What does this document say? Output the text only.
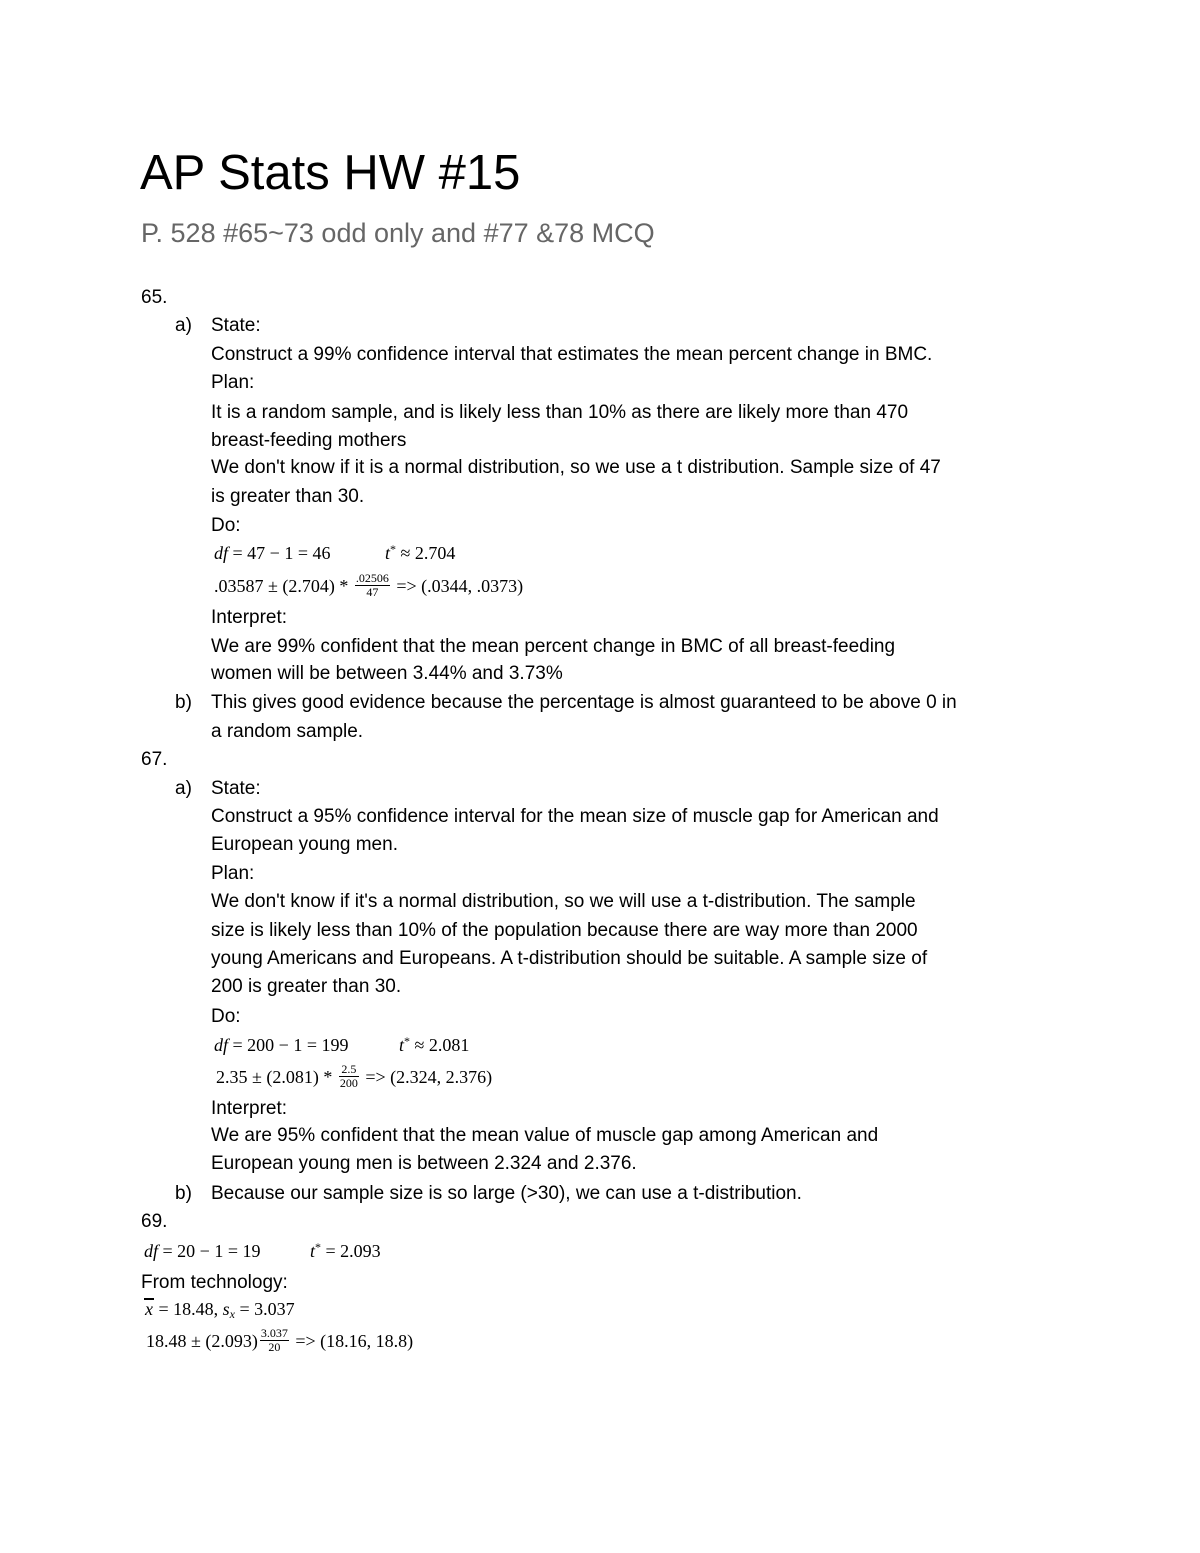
AP Stats HW #15
P. 528 #65~73 odd only and #77 &78 MCQ
65.
a) State:
Construct a 99% confidence interval that estimates the mean percent change in BMC.
Plan:
It is a random sample, and is likely less than 10% as there are likely more than 470
breast-feeding mothers
We don't know if it is a normal distribution, so we use a t distribution. Sample size of 47
is greater than 30.
Do:
df = 47 − 1 = 46	t* ≈ 2.704
$.03587 \pm (2.704) * \frac{.02506}{47} => (.0344$, .0373)
Interpret:
We are 99% confident that the mean percent change in BMC of all breast-feeding
women will be between 3.44% and 3.73%
b) This gives good evidence because the percentage is almost guaranteed to be above 0 in
a random sample.
67.
a) State:
Construct a 95% confidence interval for the mean size of muscle gap for American and
European young men.
Plan:
We don't know if it's a normal distribution, so we will use a t-distribution. The sample
size is likely less than 10% of the population because there are way more than 2000
young Americans and Europeans. A t-distribution should be suitable. A sample size of
200 is greater than 30.
Do:
df = 200 − 1 = 199	t* ≈ 2.081
$2.35 \pm (2.081) * \frac{2.5}{200} => (2.324$, 2.376)
Interpret:
We are 95% confident that the mean value of muscle gap among American and
European young men is between 2.324 and 2.376.
b) Because our sample size is so large (>30), we can use a t-distribution.
69.
df = 20 − 1 = 19	t* = 2.093
From technology:
x = 18.48, $s_x = 3.037$
$18.48 \pm (2.093) \frac{3.037}{20} => (18.16$, 18.8)
